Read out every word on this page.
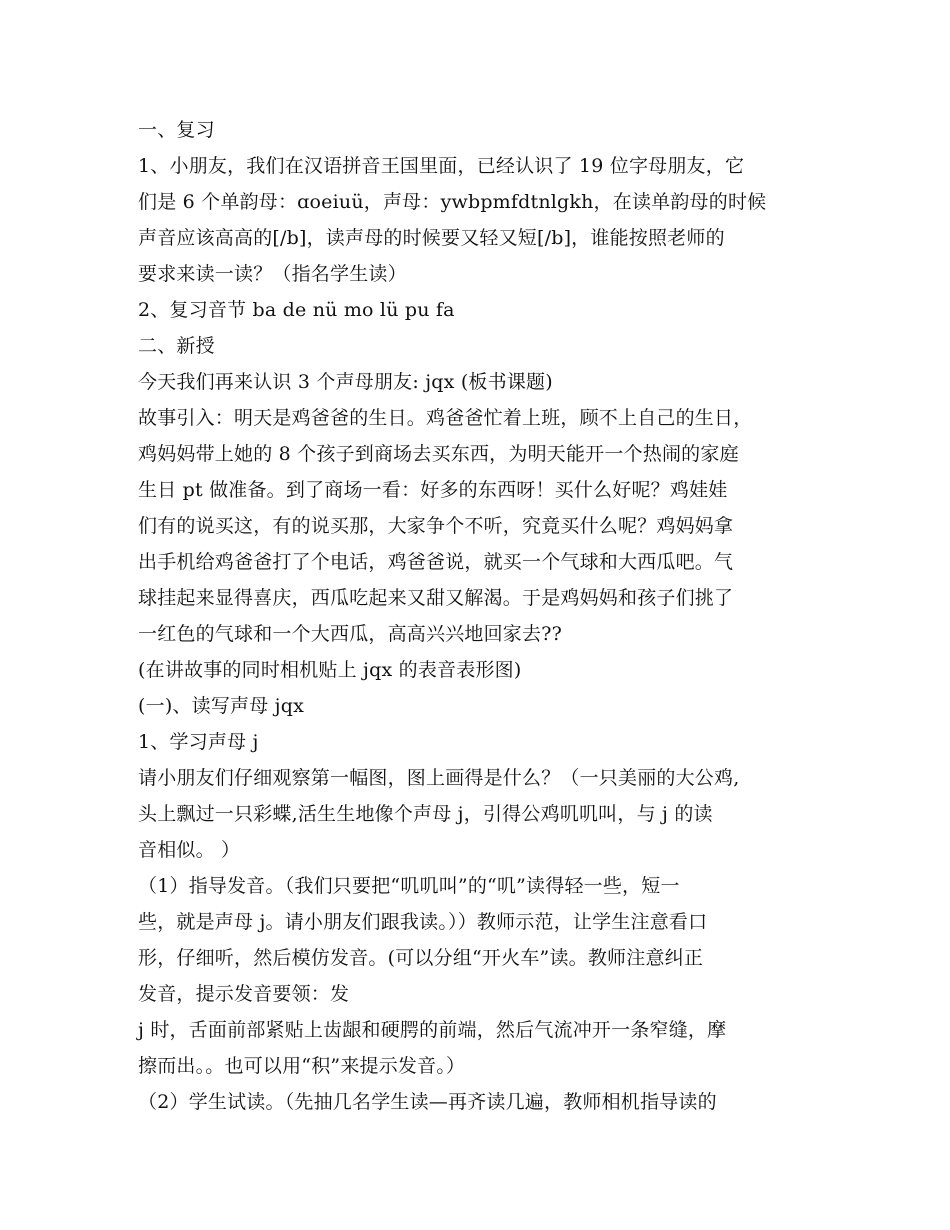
一、复习
1、小朋友，我们在汉语拼音王国里面，已经认识了 19 位字母朋友，它
们是 6 个单韵母：ɑoeiuü，声母：ywbpmfdtnlgkh，在读单韵母的时候
声音应该高高的[/b]，读声母的时候要又轻又短[/b]，谁能按照老师的
要求来读一读？（指名学生读）
2、复习音节 ba de nü mo lü pu fa
二、新授
今天我们再来认识 3 个声母朋友: jqx (板书课题)
故事引入：明天是鸡爸爸的生日。鸡爸爸忙着上班，顾不上自己的生日，
鸡妈妈带上她的 8 个孩子到商场去买东西，为明天能开一个热闹的家庭
生日 pt 做准备。到了商场一看：好多的东西呀！买什么好呢？鸡娃娃
们有的说买这，有的说买那，大家争个不听，究竟买什么呢？鸡妈妈拿
出手机给鸡爸爸打了个电话，鸡爸爸说，就买一个气球和大西瓜吧。气
球挂起来显得喜庆，西瓜吃起来又甜又解渴。于是鸡妈妈和孩子们挑了
一红色的气球和一个大西瓜，高高兴兴地回家去??
(在讲故事的同时相机贴上 jqx 的表音表形图)
(一)、读写声母 jqx
1、学习声母 j
请小朋友们仔细观察第一幅图，图上画得是什么？（一只美丽的大公鸡,
头上飘过一只彩蝶,活生生地像个声母 j，引得公鸡叽叽叫，与 j 的读
音相似。 ）
（1）指导发音。（我们只要把“叽叽叫”的“叽”读得轻一些，短一
些，就是声母 j。请小朋友们跟我读。））教师示范，让学生注意看口
形，仔细听，然后模仿发音。(可以分组“开火车”读。教师注意纠正
发音，提示发音要领：发
j 时，舌面前部紧贴上齿龈和硬腭的前端，然后气流冲开一条窄缝，摩
擦而出。。也可以用“积”来提示发音。）
（2）学生试读。（先抽几名学生读—再齐读几遍，教师相机指导读的
